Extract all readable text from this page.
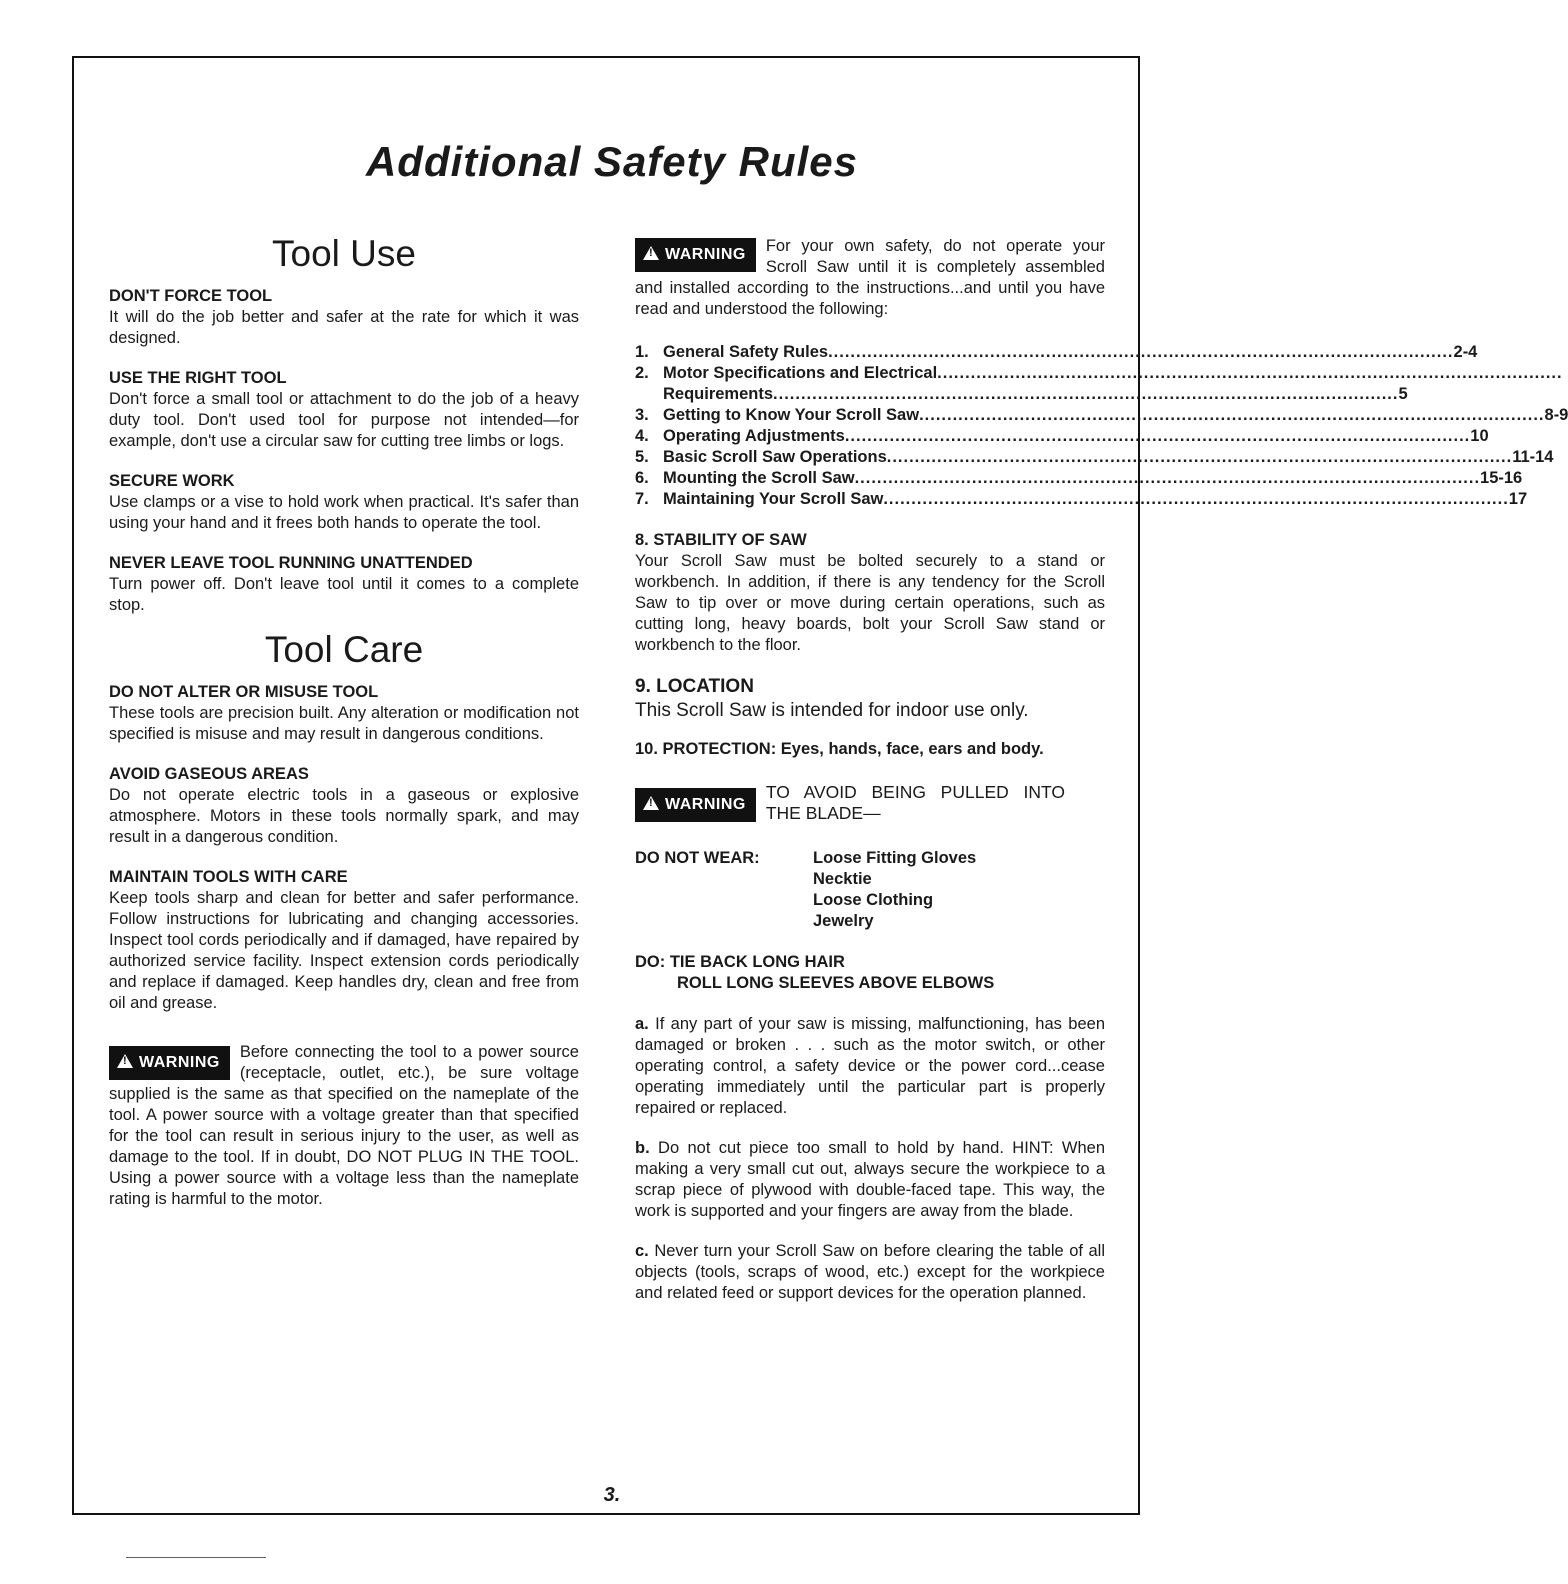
Additional Safety Rules
Tool Use

DON'T FORCE TOOL

It will do the job better and safer at the rate for which it was designed.

USE THE RIGHT TOOL

Don't force a small tool or attachment to do the job of a heavy duty tool. Don't used tool for purpose not intended—for example, don't use a circular saw for cutting tree limbs or logs.

SECURE WORK

Use clamps or a vise to hold work when practical. It's safer than using your hand and it frees both hands to operate the tool.

NEVER LEAVE TOOL RUNNING UNATTENDED

Turn power off. Don't leave tool until it comes to a complete stop.

Tool Care

DO NOT ALTER OR MISUSE TOOL

These tools are precision built. Any alteration or modification not specified is misuse and may result in dangerous conditions.

AVOID GASEOUS AREAS

Do not operate electric tools in a gaseous or explosive atmosphere. Motors in these tools normally spark, and may result in a dangerous condition.

MAINTAIN TOOLS WITH CARE

Keep tools sharp and clean for better and safer performance. Follow instructions for lubricating and changing accessories. Inspect tool cords periodically and if damaged, have repaired by authorized service facility. Inspect extension cords periodically and replace if damaged. Keep handles dry, clean and free from oil and grease.

! WARNING

Before connecting the tool to a power source (receptacle, outlet, etc.), be sure voltage supplied is the same as that specified on the nameplate of the tool. A power source with a voltage greater than that specified for the tool can result in serious injury to the user, as well as damage to the tool. If in doubt, DO NOT PLUG IN THE TOOL. Using a power source with a voltage less than the nameplate rating is harmful to the motor.

! WARNING	For your own safety, do not operate your Scroll Saw until it is completely assembled and installed according to the instructions...and until you have read and understood the following:

1. General Safety Rules .....	2-4
2. Motor Specifications and Electrical
.....
Requirements .....	5
3. Getting to Know Your Scroll Saw .....	8-9
4. Operating Adjustments .....	10
5. Basic Scroll Saw Operations .....	11-14
6. Mounting the Scroll Saw .....	15-16
7. Maintaining Your Scroll Saw .....	17

8. STABILITY OF SAW

Your Scroll Saw must be bolted securely to a stand or workbench. In addition, if there is any tendency for the Scroll Saw to tip over or move during certain operations, such as cutting long, heavy boards, bolt your Scroll Saw stand or workbench to the floor.

9. LOCATION

This Scroll Saw is intended for indoor use only.

10. PROTECTION: Eyes, hands, face, ears and body.

! WARNING

TO AVOID BEING PULLED INTO THE BLADE—

DO NOT WEAR:	Loose Fitting Gloves
Necktie
Loose Clothing
Jewelry
DO: TIE BACK LONG HAIR
ROLL LONG SLEEVES ABOVE ELBOWS

a. If any part of your saw is missing, malfunctioning, has been damaged or broken . . . such as the motor switch, or other operating control, a safety device or the power cord...cease operating immediately until the particular part is properly repaired or replaced.

b. Do not cut piece too small to hold by hand. HINT: When making a very small cut out, always secure the workpiece to a scrap piece of plywood with double-faced tape. This way, the work is supported and your fingers are away from the blade.

c. Never turn your Scroll Saw on before clearing the table of all objects (tools, scraps of wood, etc.) except for the workpiece and related feed or support devices for the operation planned.

3.
